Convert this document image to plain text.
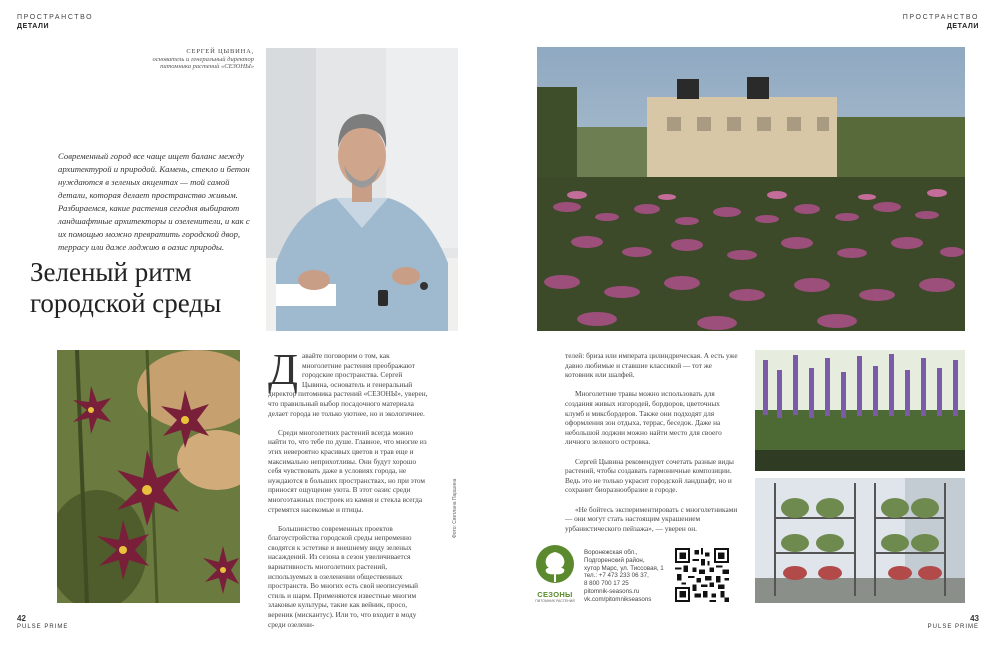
ПРОСТРАНСТВО
ДЕТАЛИ
ПРОСТРАНСТВО
ДЕТАЛИ
СЕРГЕЙ ЦЫВИНА,
основатель и генеральный директор питомника растений «СЕЗОНЫ»
Современный город все чаще ищет баланс между архитектурой и природой. Камень, стекло и бетон нуждаются в зеленых акцентах — той самой детали, которая делает пространство живым. Разбираемся, какие растения сегодня выбирают ландшафтные архитекторы и озеленители, и как с их помощью можно превратить городской двор, террасу или даже лоджию в оазис природы.
Зеленый ритм
городской среды

Давайте поговорим о том, как многолетние растения преображают городские пространства. Сергей Цывина, основатель и генеральный директор питомника растений «СЕЗОНЫ», уверен, что правильный выбор посадочного материала делает города не только уютнее, но и экологичнее.

Среди многолетних растений всегда можно найти то, что тебе по душе. Главное, что многие из этих невероятно красивых цветов и трав еще и максимально неприхотливы. Они будут хорошо себя чувствовать даже в условиях города, не нуждаются в больших пространствах, но при этом приносят ощущение уюта. В этот оазис среди многоэтажных построек из камня и стекла всегда стремятся насекомые и птицы.

Большинство современных проектов благоустройства городской среды непременно сводятся к эстетике и внешнему виду зеленых насаждений. Из сезона в сезон увеличивается вариативность многолетних растений, используемых в озеленении общественных пространств. Во многих есть свой неописуемый стиль и шарм. Применяются известные многим злаковые культуры, такие как вейник, просо, вереник (мискантус). Или то, что входит в моду среди озелени-

Фото: Светлана Паршина

телей: бриза или императа цилиндрическая. А есть уже давно любимые и ставшие классикой — тот же котовник или шалфей.

Многолетние травы можно использовать для создания живых изгородей, бордюров, цветочных клумб и миксбордеров. Также они подходят для оформления зон отдыха, террас, беседок. Даже на небольшой лоджии можно найти место для своего личного зеленого островка.

Сергей Цывина рекомендует сочетать разные виды растений, чтобы создавать гармоничные композиции. Ведь это не только украсит городской ландшафт, но и сохранит биоразнообразие в городе.

«Не бойтесь экспериментировать с многолетниками — они могут стать настоящим украшением урбанистического пейзажа», — уверен он.

СЕЗОНЫ
ПИТОМНИК РАСТЕНИЙ
Воронежская обл.,
Подгоренский район,
хутор Марс, ул. Тиссовая, 1
тел.: +7 473 233 06 37,
8 800 700 17 25
pitomnik-seasons.ru
vk.com/pitomnikseasons
42
PULSE PRIME
43
PULSE PRIME
